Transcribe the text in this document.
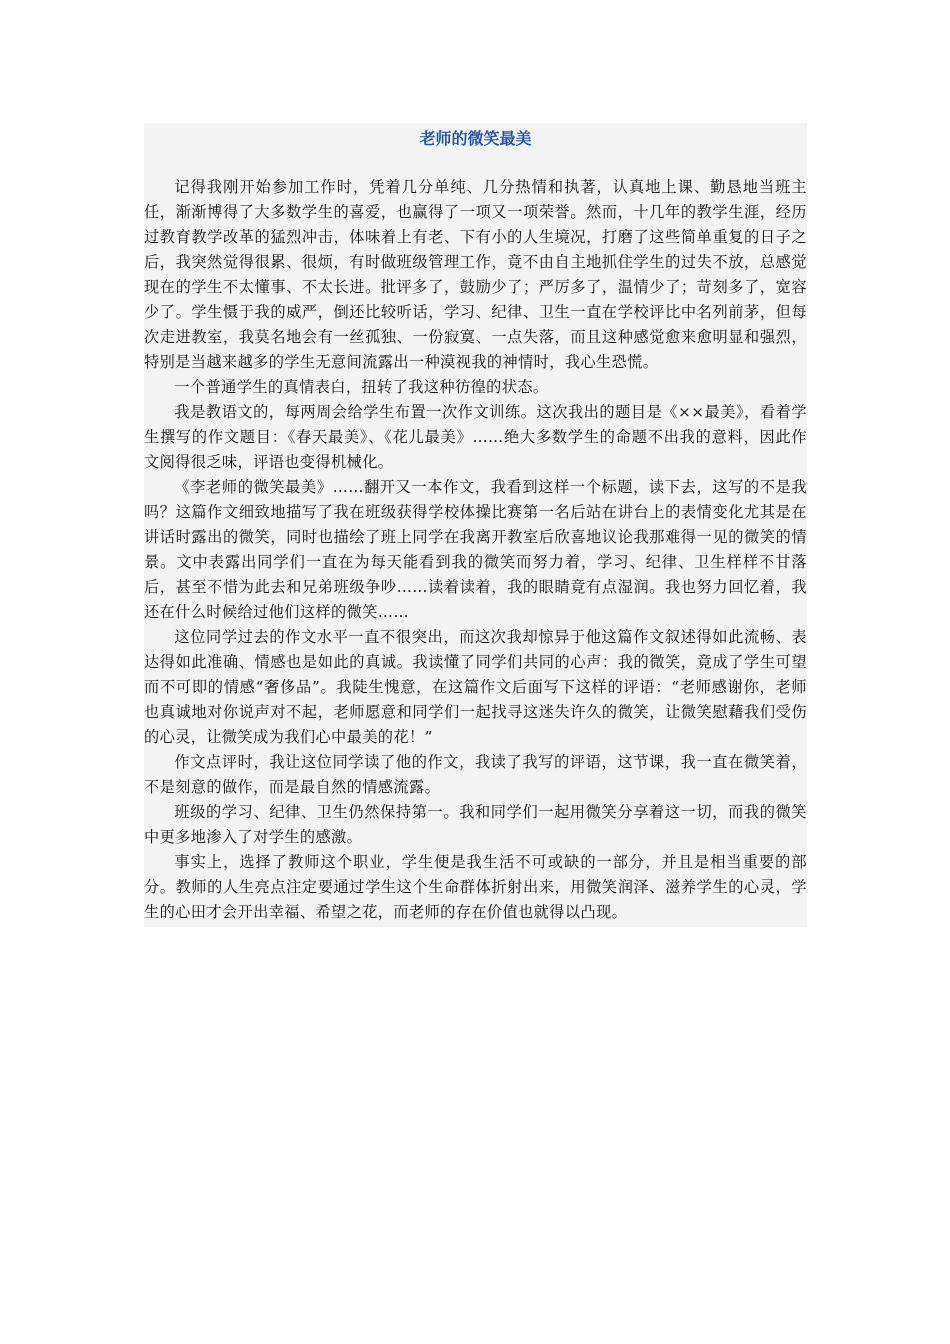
老师的微笑最美

记得我刚开始参加工作时，凭着几分单纯、几分热情和执著，认真地上课、勤恳地当班主任，渐渐博得了大多数学生的喜爱，也赢得了一项又一项荣誉。然而，十几年的教学生涯，经历过教育教学改革的猛烈冲击，体味着上有老、下有小的人生境况，打磨了这些简单重复的日子之后，我突然觉得很累、很烦，有时做班级管理工作，竟不由自主地抓住学生的过失不放，总感觉现在的学生不太懂事、不太长进。批评多了，鼓励少了；严厉多了，温情少了；苛刻多了，宽容少了。学生慑于我的威严，倒还比较听话，学习、纪律、卫生一直在学校评比中名列前茅，但每次走进教室，我莫名地会有一丝孤独、一份寂寞、一点失落，而且这种感觉愈来愈明显和强烈，特别是当越来越多的学生无意间流露出一种漠视我的神情时，我心生恐慌。

一个普通学生的真情表白，扭转了我这种彷徨的状态。

我是教语文的，每两周会给学生布置一次作文训练。这次我出的题目是《××最美》，看着学生撰写的作文题目：《春天最美》、《花儿最美》……绝大多数学生的命题不出我的意料，因此作文阅得很乏味，评语也变得机械化。

《李老师的微笑最美》……翻开又一本作文，我看到这样一个标题，读下去，这写的不是我吗？这篇作文细致地描写了我在班级获得学校体操比赛第一名后站在讲台上的表情变化尤其是在讲话时露出的微笑，同时也描绘了班上同学在我离开教室后欣喜地议论我那难得一见的微笑的情景。文中表露出同学们一直在为每天能看到我的微笑而努力着，学习、纪律、卫生样样不甘落后，甚至不惜为此去和兄弟班级争吵……读着读着，我的眼睛竟有点湿润。我也努力回忆着，我还在什么时候给过他们这样的微笑……

这位同学过去的作文水平一直不很突出，而这次我却惊异于他这篇作文叙述得如此流畅、表达得如此准确、情感也是如此的真诚。我读懂了同学们共同的心声：我的微笑，竟成了学生可望而不可即的情感“奢侈品”。我陡生愧意，在这篇作文后面写下这样的评语：“老师感谢你，老师也真诚地对你说声对不起，老师愿意和同学们一起找寻这迷失许久的微笑，让微笑慰藉我们受伤的心灵，让微笑成为我们心中最美的花！”

作文点评时，我让这位同学读了他的作文，我读了我写的评语，这节课，我一直在微笑着，不是刻意的做作，而是最自然的情感流露。

班级的学习、纪律、卫生仍然保持第一。我和同学们一起用微笑分享着这一切，而我的微笑中更多地渗入了对学生的感激。

事实上，选择了教师这个职业，学生便是我生活不可或缺的一部分，并且是相当重要的部分。教师的人生亮点注定要通过学生这个生命群体折射出来，用微笑润泽、滋养学生的心灵，学生的心田才会开出幸福、希望之花，而老师的存在价值也就得以凸现。
